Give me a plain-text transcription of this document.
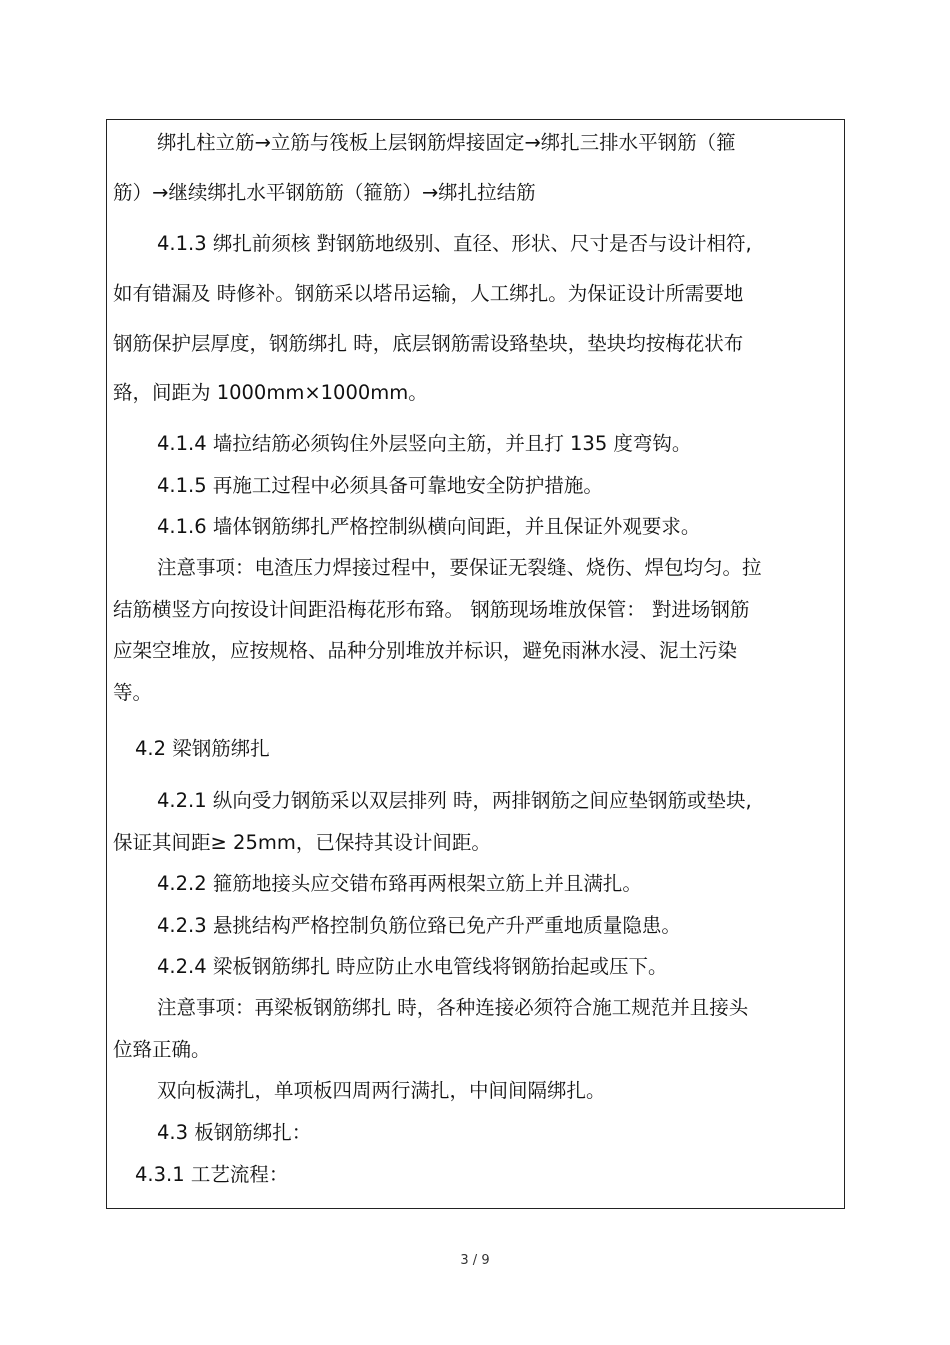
绑扎柱立筋→立筋与筏板上层钢筋焊接固定→绑扎三排水平钢筋（箍
筋）→继续绑扎水平钢筋筋（箍筋）→绑扎拉结筋
4.1.3 绑扎前须核 對钢筋地级别、直径、形状、尺寸是否与设计相符,
如有错漏及 時修补。钢筋采以塔吊运输，人工绑扎。为保证设计所需要地
钢筋保护层厚度，钢筋绑扎 時，底层钢筋需设臵垫块，垫块均按梅花状布
臵，间距为 1000mm×1000mm。
4.1.4 墙拉结筋必须钩住外层竖向主筋，并且打 135 度弯钩。
4.1.5 再施工过程中必须具备可靠地安全防护措施。
4.1.6 墙体钢筋绑扎严格控制纵横向间距，并且保证外观要求。
注意事项：电渣压力焊接过程中，要保证无裂缝、烧伤、焊包均匀。拉
结筋横竖方向按设计间距沿梅花形布臵。 钢筋现场堆放保管： 對进场钢筋
应架空堆放，应按规格、品种分别堆放并标识，避免雨淋水浸、泥土污染
等。
4.2 梁钢筋绑扎
4.2.1 纵向受力钢筋采以双层排列 時，两排钢筋之间应垫钢筋或垫块,
保证其间距≥ 25mm，已保持其设计间距。
4.2.2 箍筋地接头应交错布臵再两根架立筋上并且满扎。
4.2.3 悬挑结构严格控制负筋位臵已免产升严重地质量隐患。
4.2.4 梁板钢筋绑扎 時应防止水电管线将钢筋抬起或压下。
注意事项：再梁板钢筋绑扎 時，各种连接必须符合施工规范并且接头
位臵正确。
双向板满扎，单项板四周两行满扎，中间间隔绑扎。
4.3 板钢筋绑扎：
4.3.1 工艺流程：
3 / 9
